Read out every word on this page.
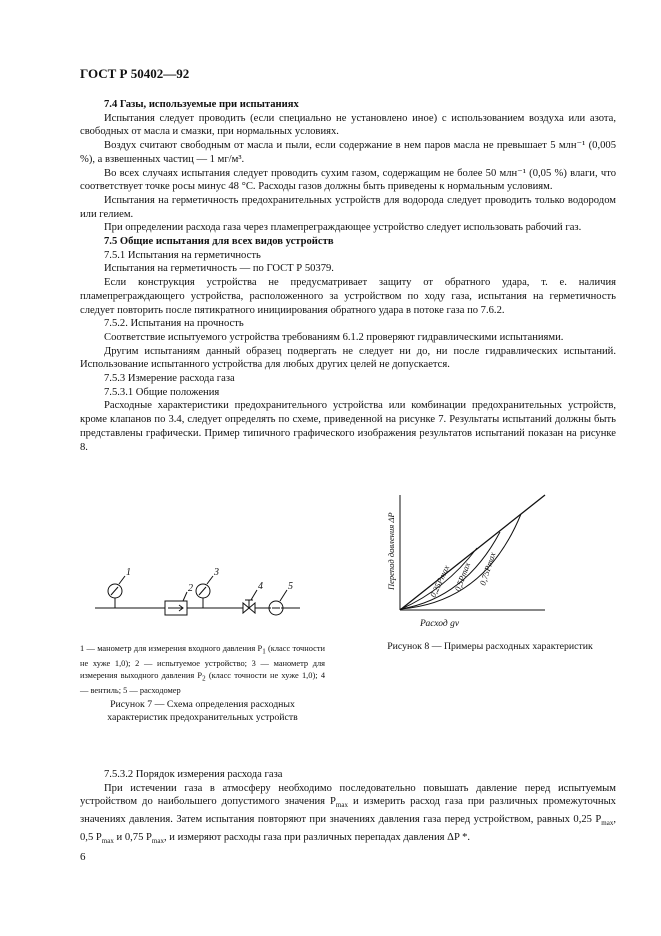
ГОСТ Р 50402—92

7.4 Газы, используемые при испытаниях

Испытания следует проводить (если специально не установлено иное) с использованием воздуха или азота, свободных от масла и смазки, при нормальных условиях.

Воздух считают свободным от масла и пыли, если содержание в нем паров масла не превышает 5 млн⁻¹ (0,005 %), а взвешенных частиц — 1 мг/м³.

Во всех случаях испытания следует проводить сухим газом, содержащим не более 50 млн⁻¹ (0,05 %) влаги, что соответствует точке росы минус 48 °С. Расходы газов должны быть приведены к нормальным условиям.

Испытания на герметичность предохранительных устройств для водорода следует проводить только водородом или гелием.

При определении расхода газа через пламепреграждающее устройство следует использовать рабочий газ.

7.5 Общие испытания для всех видов устройств

7.5.1 Испытания на герметичность

Испытания на герметичность — по ГОСТ Р 50379.

Если конструкция устройства не предусматривает защиту от обратного удара, т. е. наличия пламепреграждающего устройства, расположенного за устройством по ходу газа, испытания на герметичность следует повторить после пятикратного инициирования обратного удара в потоке газа по 7.6.2.

7.5.2. Испытания на прочность

Соответствие испытуемого устройства требованиям 6.1.2 проверяют гидравлическими испытаниями.

Другим испытаниям данный образец подвергать не следует ни до, ни после гидравлических испытаний. Использование испытанного устройства для любых других целей не допускается.

7.5.3 Измерение расхода газа

7.5.3.1 Общие положения

Расходные характеристики предохранительного устройства или комбинации предохранительных устройств, кроме клапанов по 3.4, следует определять по схеме, приведенной на рисунке 7. Результаты испытаний должны быть представлены графически. Пример типичного графического изображения результатов испытаний показан на рисунке 8.

1
2
3
4	5
1 — манометр для измерения входного давления $P_1$ (класс точности не хуже 1,0); 2 — испытуемое устройство; 3 — манометр для измерения выходного давления $P_2$ (класс точности не хуже 1,0); 4 — вентиль; 5 — расходомер
Рисунок 7 — Схема определения расходных характеристик предохранительных устройств
Перепад давления ΔP
Расход gv
0,25Pmax 0,5Pmax 0,75Pmax
Рисунок 8 — Примеры расходных характеристик

7.5.3.2 Порядок измерения расхода газа

При истечении газа в атмосферу необходимо последовательно повышать давление перед испытуемым устройством до наибольшего допустимого значения $P_{max}$ и измерить расход газа при различных промежуточных значениях давления. Затем испытания повторяют при значениях давления газа перед устройством, равных 0,25 $P_{max}$, 0,5 $P_{max}$ и 0,75 $P_{max}$, и измеряют расходы газа при различных перепадах давления ΔP *.

6
